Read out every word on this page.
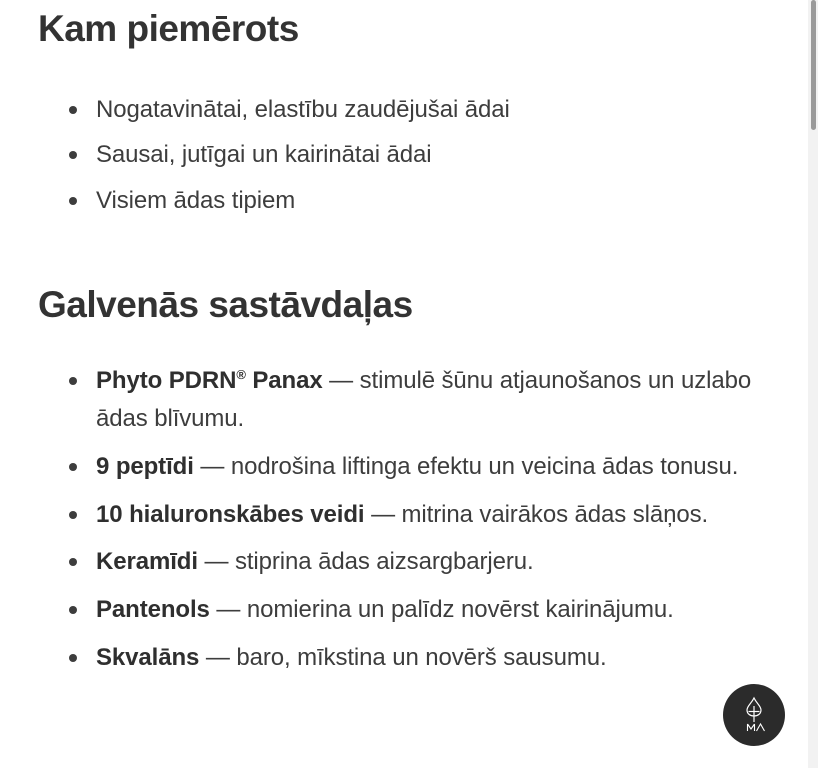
Kam piemērots
Nogatavinātai, elastību zaudējušai ādai
Sausai, jutīgai un kairinātai ādai
Visiem ādas tipiem
Galvenās sastāvdaļas
Phyto PDRN® Panax — stimulē šūnu atjaunošanos un uzlabo ādas blīvumu.
9 peptīdi — nodrošina liftinga efektu un veicina ādas tonusu.
10 hialuronskābes veidi — mitrina vairākos ādas slāņos.
Keramīdi — stiprina ādas aizsargbarjeru.
Pantenols — nomierina un palīdz novērst kairinājumu.
Skvalāns — baro, mīkstina un novērš sausumu.
